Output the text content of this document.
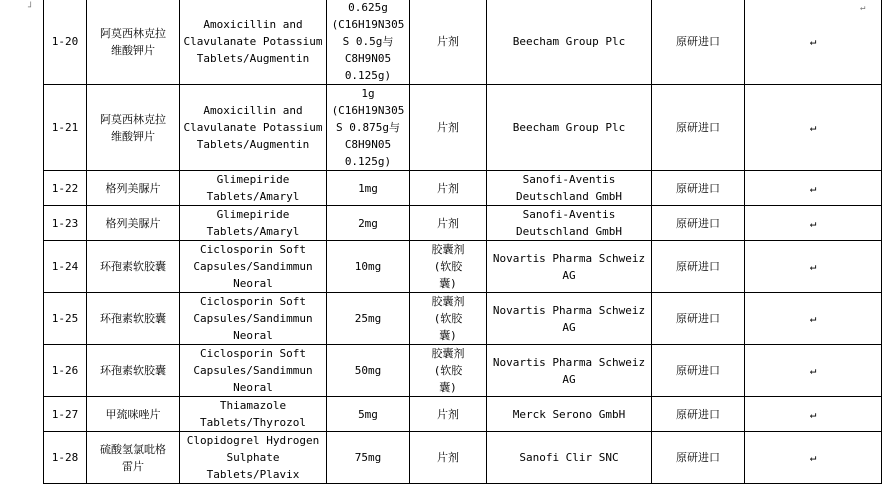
┘	↵
1-20	阿莫西林克拉
维酸钾片	Amoxicillin and
Clavulanate Potassium
Tablets/Augmentin	0.625g
(C16H19N305
S 0.5g与
C8H9N05
0.125g)	片剂	Beecham Group Plc	原研进口	↵
1-21	阿莫西林克拉
维酸钾片	Amoxicillin and
Clavulanate Potassium
Tablets/Augmentin	1g
(C16H19N305
S 0.875g与
C8H9N05
0.125g)	片剂	Beecham Group Plc	原研进口	↵
1-22	格列美脲片	Glimepiride
Tablets/Amaryl	1mg	片剂	Sanofi-Aventis
Deutschland GmbH	原研进口	↵
1-23	格列美脲片	Glimepiride
Tablets/Amaryl	2mg	片剂	Sanofi-Aventis
Deutschland GmbH	原研进口	↵
1-24	环孢素软胶囊	Ciclosporin Soft
Capsules/Sandimmun
Neoral	10mg	胶囊剂
(软胶
囊)	Novartis Pharma Schweiz
AG	原研进口	↵
1-25	环孢素软胶囊	Ciclosporin Soft
Capsules/Sandimmun
Neoral	25mg	胶囊剂
(软胶
囊)	Novartis Pharma Schweiz
AG	原研进口	↵
1-26	环孢素软胶囊	Ciclosporin Soft
Capsules/Sandimmun
Neoral	50mg	胶囊剂
(软胶
囊)	Novartis Pharma Schweiz
AG	原研进口	↵
1-27	甲巯咪唑片	Thiamazole
Tablets/Thyrozol	5mg	片剂	Merck Serono GmbH	原研进口	↵
1-28	硫酸氢氯吡格
雷片	Clopidogrel Hydrogen
Sulphate
Tablets/Plavix	75mg	片剂	Sanofi Clir SNC	原研进口	↵
